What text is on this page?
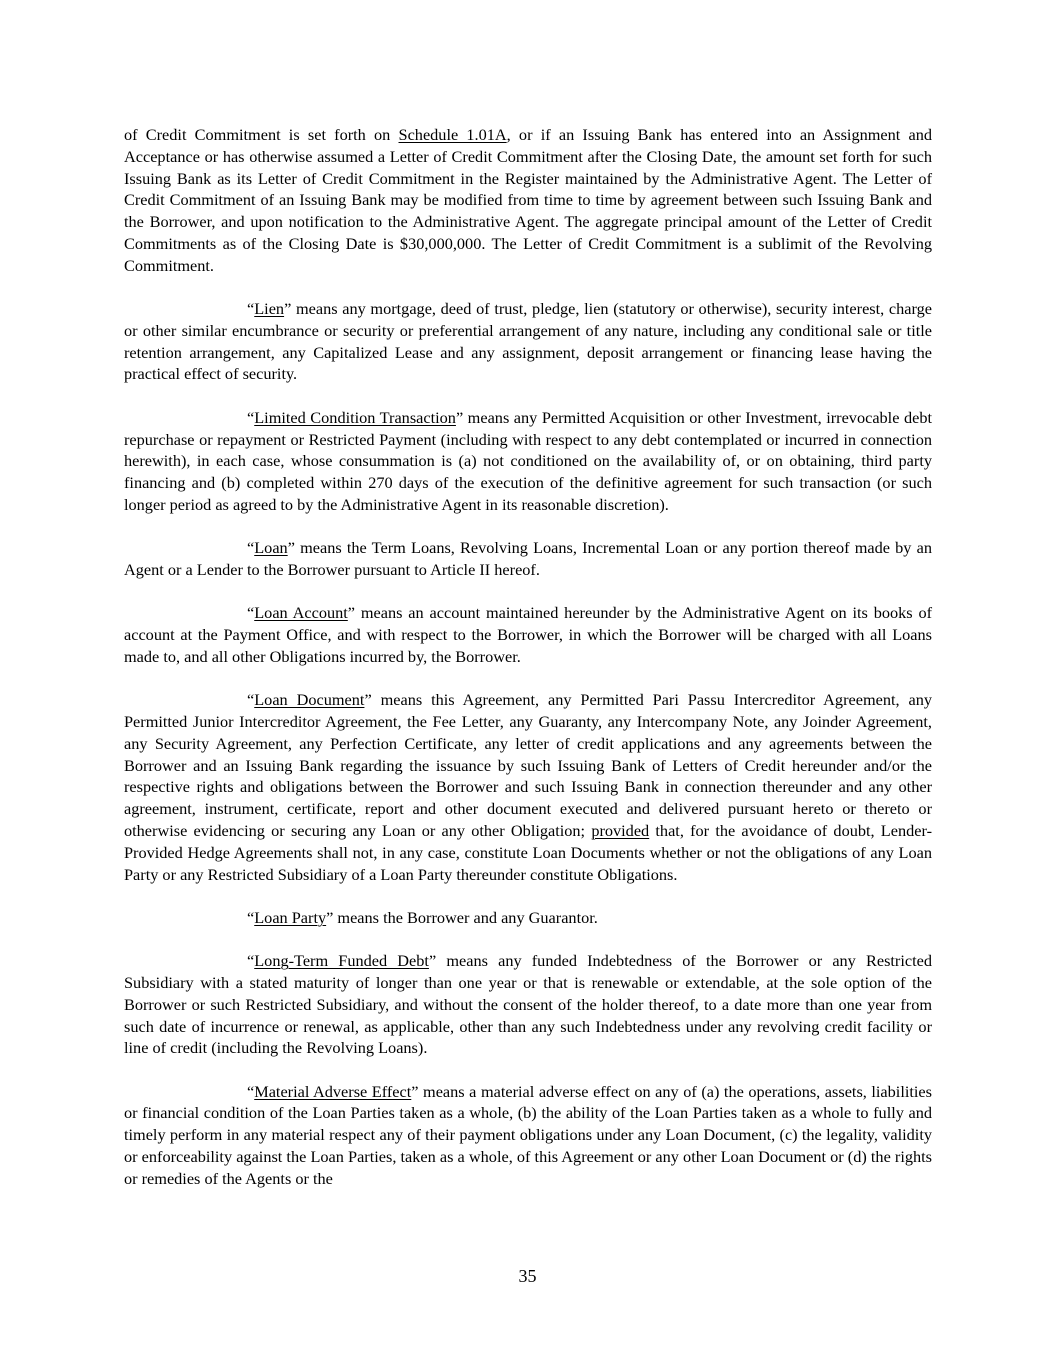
of Credit Commitment is set forth on Schedule 1.01A, or if an Issuing Bank has entered into an Assignment and Acceptance or has otherwise assumed a Letter of Credit Commitment after the Closing Date, the amount set forth for such Issuing Bank as its Letter of Credit Commitment in the Register maintained by the Administrative Agent. The Letter of Credit Commitment of an Issuing Bank may be modified from time to time by agreement between such Issuing Bank and the Borrower, and upon notification to the Administrative Agent. The aggregate principal amount of the Letter of Credit Commitments as of the Closing Date is $30,000,000. The Letter of Credit Commitment is a sublimit of the Revolving Commitment.

“Lien” means any mortgage, deed of trust, pledge, lien (statutory or otherwise), security interest, charge or other similar encumbrance or security or preferential arrangement of any nature, including any conditional sale or title retention arrangement, any Capitalized Lease and any assignment, deposit arrangement or financing lease having the practical effect of security.

“Limited Condition Transaction” means any Permitted Acquisition or other Investment, irrevocable debt repurchase or repayment or Restricted Payment (including with respect to any debt contemplated or incurred in connection herewith), in each case, whose consummation is (a) not conditioned on the availability of, or on obtaining, third party financing and (b) completed within 270 days of the execution of the definitive agreement for such transaction (or such longer period as agreed to by the Administrative Agent in its reasonable discretion).

“Loan” means the Term Loans, Revolving Loans, Incremental Loan or any portion thereof made by an Agent or a Lender to the Borrower pursuant to Article II hereof.

“Loan Account” means an account maintained hereunder by the Administrative Agent on its books of account at the Payment Office, and with respect to the Borrower, in which the Borrower will be charged with all Loans made to, and all other Obligations incurred by, the Borrower.

“Loan Document” means this Agreement, any Permitted Pari Passu Intercreditor Agreement, any Permitted Junior Intercreditor Agreement, the Fee Letter, any Guaranty, any Intercompany Note, any Joinder Agreement, any Security Agreement, any Perfection Certificate, any letter of credit applications and any agreements between the Borrower and an Issuing Bank regarding the issuance by such Issuing Bank of Letters of Credit hereunder and/or the respective rights and obligations between the Borrower and such Issuing Bank in connection thereunder and any other agreement, instrument, certificate, report and other document executed and delivered pursuant hereto or thereto or otherwise evidencing or securing any Loan or any other Obligation; provided that, for the avoidance of doubt, Lender-Provided Hedge Agreements shall not, in any case, constitute Loan Documents whether or not the obligations of any Loan Party or any Restricted Subsidiary of a Loan Party thereunder constitute Obligations.

“Loan Party” means the Borrower and any Guarantor.

“Long-Term Funded Debt” means any funded Indebtedness of the Borrower or any Restricted Subsidiary with a stated maturity of longer than one year or that is renewable or extendable, at the sole option of the Borrower or such Restricted Subsidiary, and without the consent of the holder thereof, to a date more than one year from such date of incurrence or renewal, as applicable, other than any such Indebtedness under any revolving credit facility or line of credit (including the Revolving Loans).

“Material Adverse Effect” means a material adverse effect on any of (a) the operations, assets, liabilities or financial condition of the Loan Parties taken as a whole, (b) the ability of the Loan Parties taken as a whole to fully and timely perform in any material respect any of their payment obligations under any Loan Document, (c) the legality, validity or enforceability against the Loan Parties, taken as a whole, of this Agreement or any other Loan Document or (d) the rights or remedies of the Agents or the

35
